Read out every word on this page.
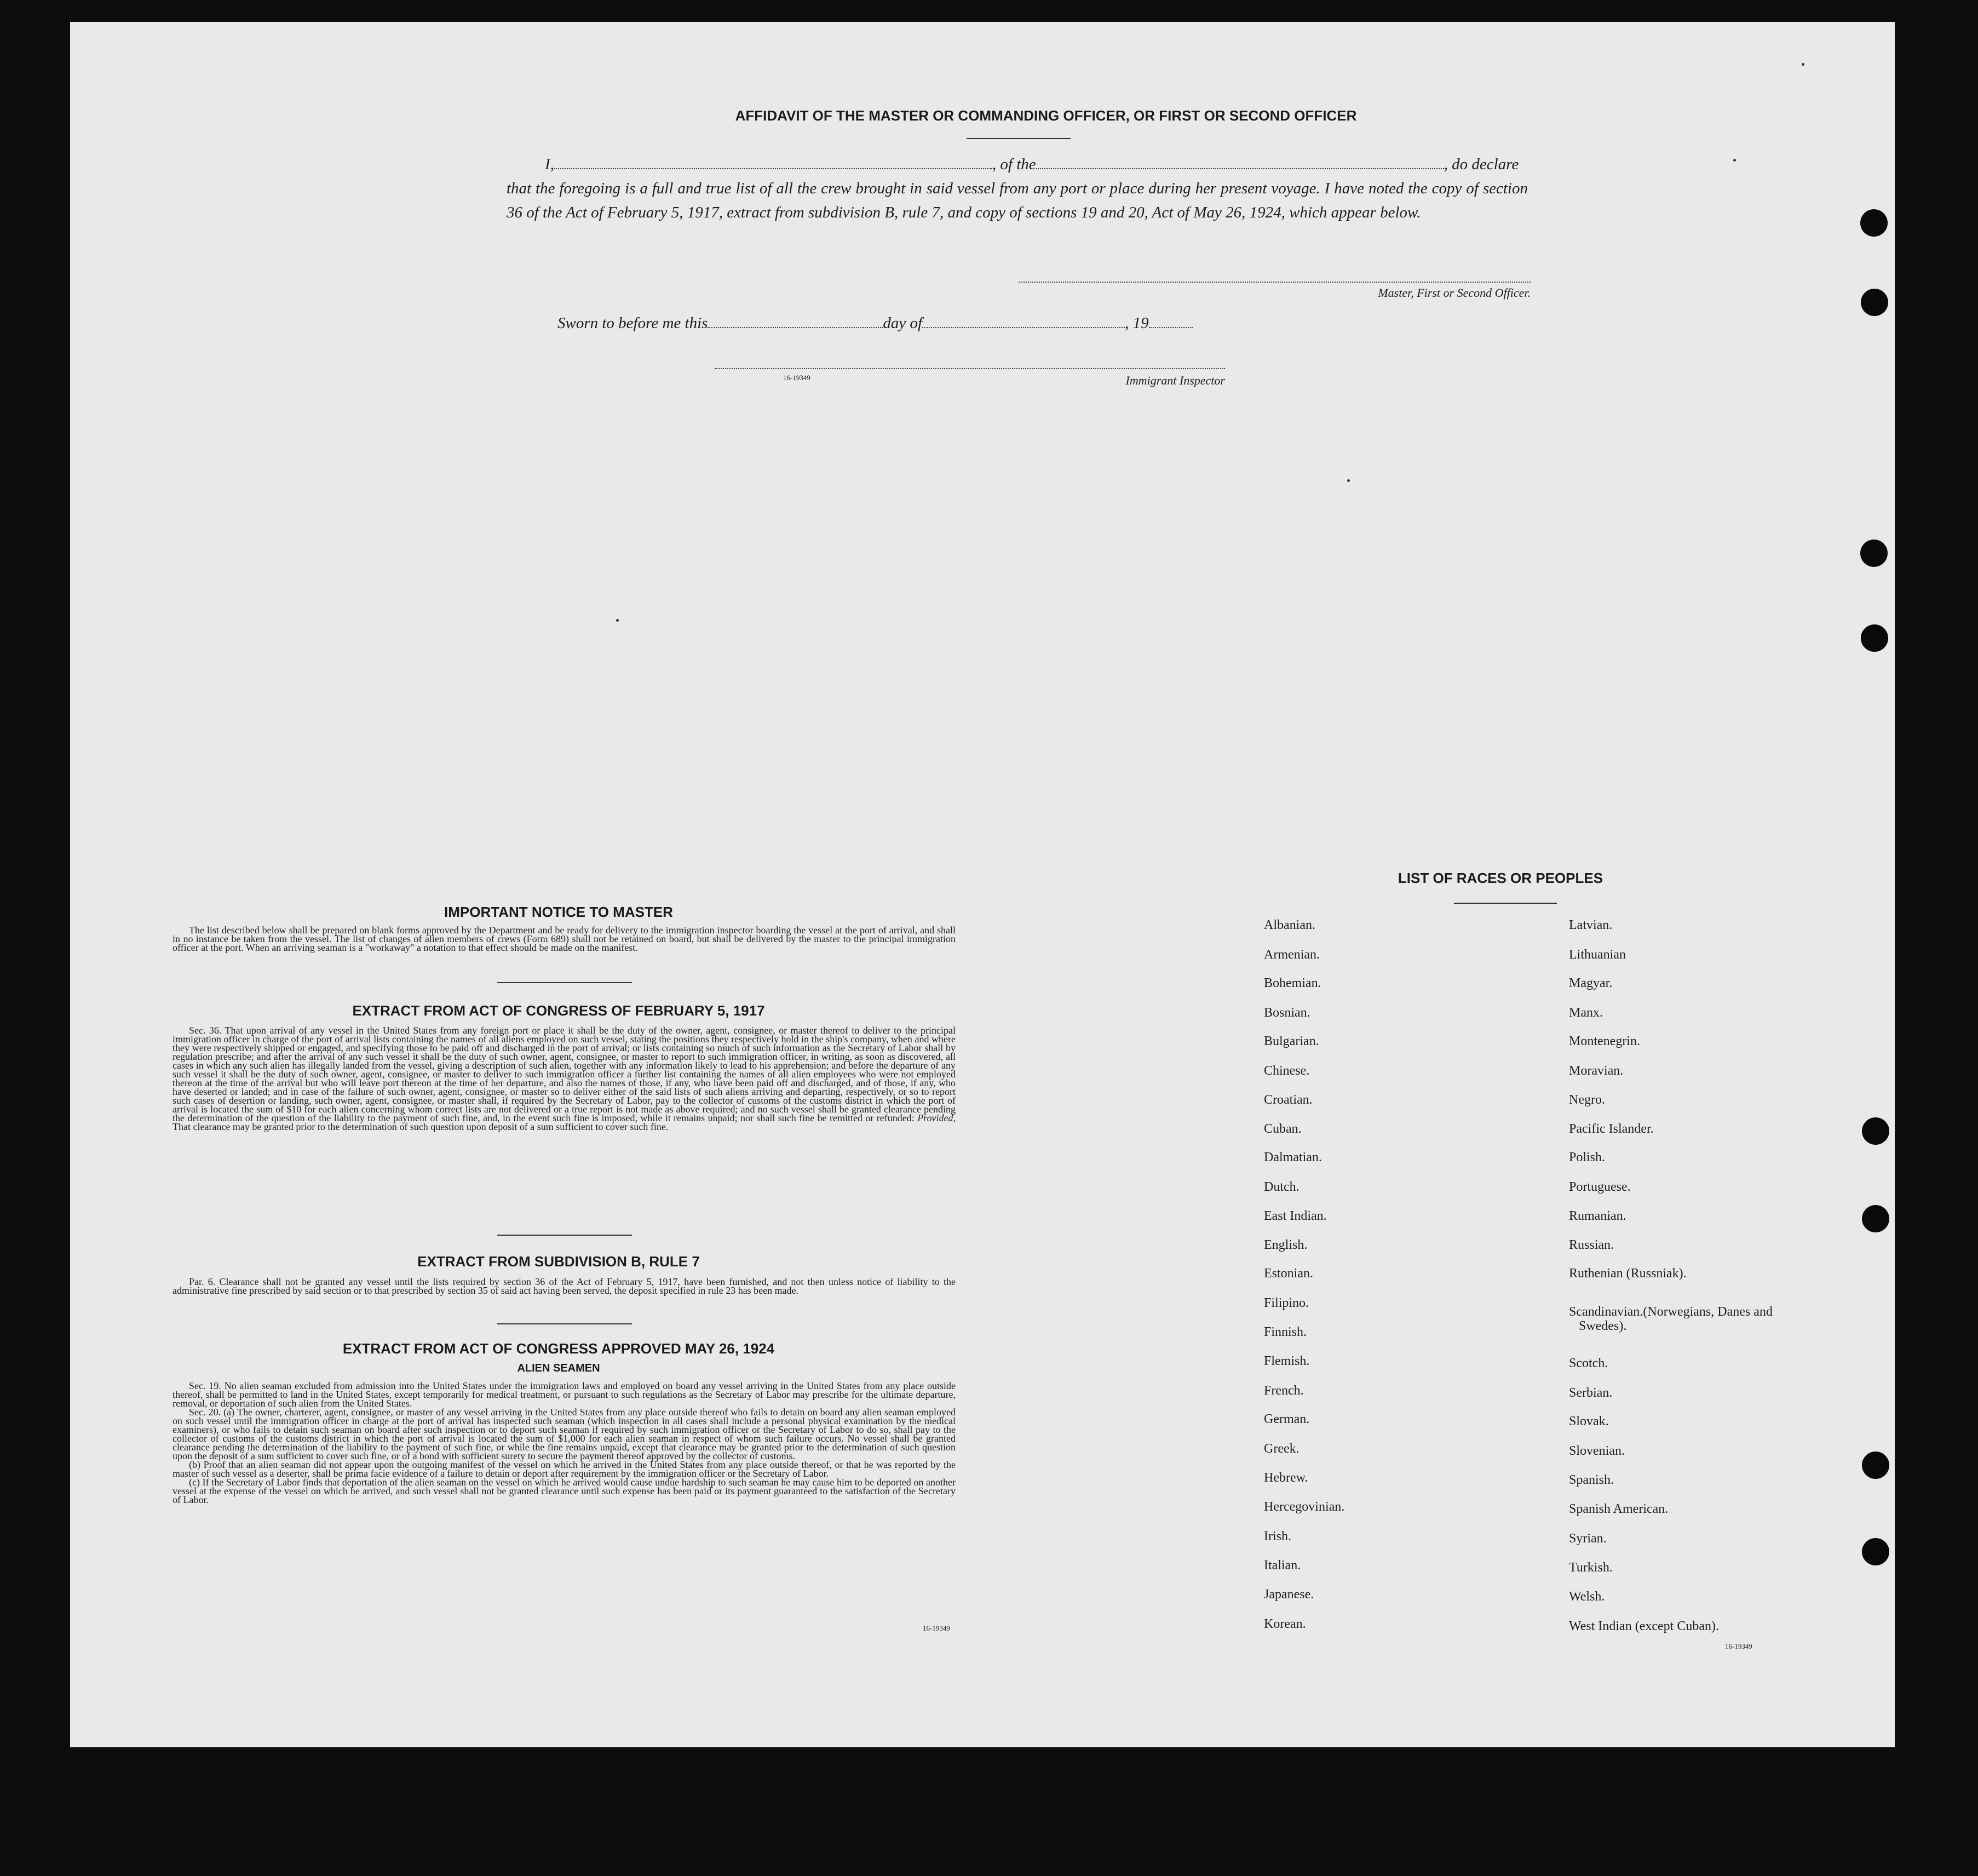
AFFIDAVIT OF THE MASTER OR COMMANDING OFFICER, OR FIRST OR SECOND OFFICER
I,	, of the	, do declare
that the foregoing is a full and true list of all the crew brought in said vessel from any port or place during her present voyage. I have noted the copy of section 36 of the Act of February 5, 1917, extract from subdivision B, rule 7, and copy of sections 19 and 20, Act of May 26, 1924, which appear below.
Master, First or Second Officer.
Sworn to before me this	day of	, 19
16-19349	Immigrant Inspector
IMPORTANT NOTICE TO MASTER
The list described below shall be prepared on blank forms approved by the Department and be ready for delivery to the immigration inspector boarding the vessel at the port of arrival, and shall in no instance be taken from the vessel. The list of changes of alien members of crews (Form 689) shall not be retained on board, but shall be delivered by the master to the principal immigration officer at the port. When an arriving seaman is a "workaway" a notation to that effect should be made on the manifest.
EXTRACT FROM ACT OF CONGRESS OF FEBRUARY 5, 1917
Sec. 36. That upon arrival of any vessel in the United States from any foreign port or place it shall be the duty of the owner, agent, consignee, or master thereof to deliver to the principal immigration officer in charge of the port of arrival lists containing the names of all aliens employed on such vessel, stating the positions they respectively hold in the ship's company, when and where they were respectively shipped or engaged, and specifying those to be paid off and discharged in the port of arrival; or lists containing so much of such information as the Secretary of Labor shall by regulation prescribe; and after the arrival of any such vessel it shall be the duty of such owner, agent, consignee, or master to report to such immigration officer, in writing, as soon as discovered, all cases in which any such alien has illegally landed from the vessel, giving a description of such alien, together with any information likely to lead to his apprehension; and before the departure of any such vessel it shall be the duty of such owner, agent, consignee, or master to deliver to such immigration officer a further list containing the names of all alien employees who were not employed thereon at the time of the arrival but who will leave port thereon at the time of her departure, and also the names of those, if any, who have been paid off and discharged, and of those, if any, who have deserted or landed; and in case of the failure of such owner, agent, consignee, or master so to deliver either of the said lists of such aliens arriving and departing, respectively, or so to report such cases of desertion or landing, such owner, agent, consignee, or master shall, if required by the Secretary of Labor, pay to the collector of customs of the customs district in which the port of arrival is located the sum of $10 for each alien concerning whom correct lists are not delivered or a true report is not made as above required; and no such vessel shall be granted clearance pending the determination of the question of the liability to the payment of such fine, and, in the event such fine is imposed, while it remains unpaid; nor shall such fine be remitted or refunded: Provided, That clearance may be granted prior to the determination of such question upon deposit of a sum sufficient to cover such fine.
EXTRACT FROM SUBDIVISION B, RULE 7
Par. 6. Clearance shall not be granted any vessel until the lists required by section 36 of the Act of February 5, 1917, have been furnished, and not then unless notice of liability to the administrative fine prescribed by said section or to that prescribed by section 35 of said act having been served, the deposit specified in rule 23 has been made.
EXTRACT FROM ACT OF CONGRESS APPROVED MAY 26, 1924
ALIEN SEAMEN
Sec. 19. No alien seaman excluded from admission into the United States under the immigration laws and employed on board any vessel arriving in the United States from any place outside thereof, shall be permitted to land in the United States, except temporarily for medical treatment, or pursuant to such regulations as the Secretary of Labor may prescribe for the ultimate departure, removal, or deportation of such alien from the United States.
Sec. 20. (a) The owner, charterer, agent, consignee, or master of any vessel arriving in the United States from any place outside thereof who fails to detain on board any alien seaman employed on such vessel until the immigration officer in charge at the port of arrival has inspected such seaman (which inspection in all cases shall include a personal physical examination by the medical examiners), or who fails to detain such seaman on board after such inspection or to deport such seaman if required by such immigration officer or the Secretary of Labor to do so, shall pay to the collector of customs of the customs district in which the port of arrival is located the sum of $1,000 for each alien seaman in respect of whom such failure occurs. No vessel shall be granted clearance pending the determination of the liability to the payment of such fine, or while the fine remains unpaid, except that clearance may be granted prior to the determination of such question upon the deposit of a sum sufficient to cover such fine, or of a bond with sufficient surety to secure the payment thereof approved by the collector of customs.
(b) Proof that an alien seaman did not appear upon the outgoing manifest of the vessel on which he arrived in the United States from any place outside thereof, or that he was reported by the master of such vessel as a deserter, shall be prima facie evidence of a failure to detain or deport after requirement by the immigration officer or the Secretary of Labor.
(c) If the Secretary of Labor finds that deportation of the alien seaman on the vessel on which he arrived would cause undue hardship to such seaman he may cause him to be deported on another vessel at the expense of the vessel on which he arrived, and such vessel shall not be granted clearance until such expense has been paid or its payment guaranteed to the satisfaction of the Secretary of Labor.
16-19349
LIST OF RACES OR PEOPLES
Albanian.
Armenian.
Bohemian.
Bosnian.
Bulgarian.
Chinese.
Croatian.
Cuban.
Dalmatian.
Dutch.
East Indian.
English.
Estonian.
Filipino.
Finnish.
Flemish.
French.
German.
Greek.
Hebrew.
Hercegovinian.
Irish.
Italian.
Japanese.
Korean.
Latvian.
Lithuanian
Magyar.
Manx.
Montenegrin.
Moravian.
Negro.
Pacific Islander.
Polish.
Portuguese.
Rumanian.
Russian.
Ruthenian (Russniak).
Scandinavian.(Norwegians, Danes and Swedes).
Scotch.
Serbian.
Slovak.
Slovenian.
Spanish.
Spanish American.
Syrian.
Turkish.
Welsh.
West Indian (except Cuban).
16-19349
